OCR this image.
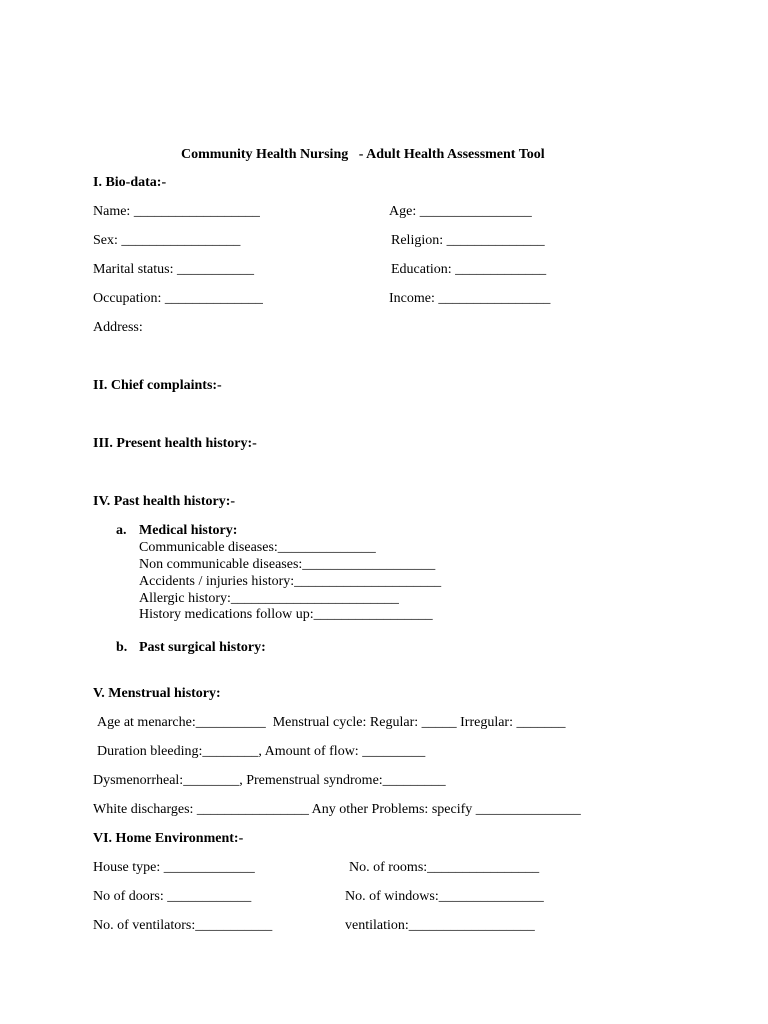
Community Health Nursing   - Adult Health Assessment Tool
I. Bio-data:-
Name: __________________	Age: ________________
Sex: _________________	Religion: ______________
Marital status: ___________	Education: _____________
Occupation: ______________	Income: ________________
Address:
II. Chief complaints:-
III. Present health history:-
IV. Past health history:-
a. Medical history:
Communicable diseases:______________
Non communicable diseases:___________________
Accidents / injuries history:_____________________
Allergic history:________________________
History medications follow up:_________________
b. Past surgical history:
V. Menstrual history:
Age at menarche:__________  Menstrual cycle: Regular: _____ Irregular: _______
Duration bleeding:________, Amount of flow: _________
Dysmenorrheal:________, Premenstrual syndrome:_________
White discharges: ________________ Any other Problems: specify _______________
VI. Home Environment:-
House type: _____________	No. of rooms:________________
No of doors: ____________	No. of windows:_______________
No. of ventilators:___________	ventilation:__________________
